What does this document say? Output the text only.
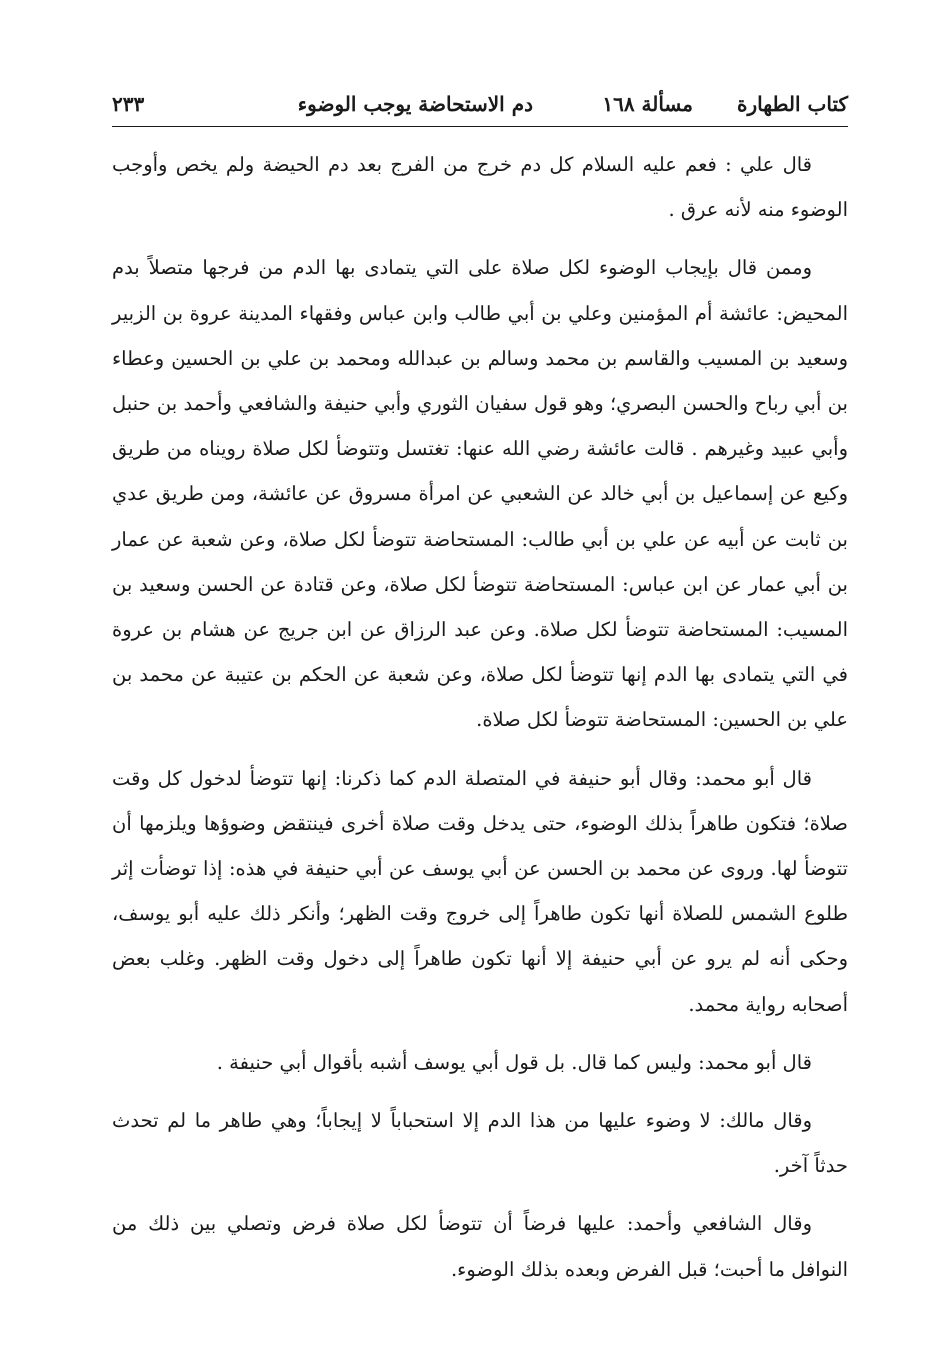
كتاب الطهارة
مسألة ١٦٨
دم الاستحاضة يوجب الوضوء
٢٣٣

قال علي : فعم عليه السلام كل دم خرج من الفرج بعد دم الحيضة ولم يخص وأوجب الوضوء منه لأنه عرق .

وممن قال بإيجاب الوضوء لكل صلاة على التي يتمادى بها الدم من فرجها متصلاً بدم المحيض: عائشة أم المؤمنين وعلي بن أبي طالب وابن عباس وفقهاء المدينة عروة بن الزبير وسعيد بن المسيب والقاسم بن محمد وسالم بن عبدالله ومحمد بن علي بن الحسين وعطاء بن أبي رباح والحسن البصري؛ وهو قول سفيان الثوري وأبي حنيفة والشافعي وأحمد بن حنبل وأبي عبيد وغيرهم . قالت عائشة رضي الله عنها: تغتسل وتتوضأ لكل صلاة رويناه من طريق وكيع عن إسماعيل بن أبي خالد عن الشعبي عن امرأة مسروق عن عائشة، ومن طريق عدي بن ثابت عن أبيه عن علي بن أبي طالب: المستحاضة تتوضأ لكل صلاة، وعن شعبة عن عمار بن أبي عمار عن ابن عباس: المستحاضة تتوضأ لكل صلاة، وعن قتادة عن الحسن وسعيد بن المسيب: المستحاضة تتوضأ لكل صلاة. وعن عبد الرزاق عن ابن جريج عن هشام بن عروة في التي يتمادى بها الدم إنها تتوضأ لكل صلاة، وعن شعبة عن الحكم بن عتيبة عن محمد بن علي بن الحسين: المستحاضة تتوضأ لكل صلاة.

قال أبو محمد: وقال أبو حنيفة في المتصلة الدم كما ذكرنا: إنها تتوضأ لدخول كل وقت صلاة؛ فتكون طاهراً بذلك الوضوء، حتى يدخل وقت صلاة أخرى فينتقض وضوؤها ويلزمها أن تتوضأ لها. وروى عن محمد بن الحسن عن أبي يوسف عن أبي حنيفة في هذه: إذا توضأت إثر طلوع الشمس للصلاة أنها تكون طاهراً إلى خروج وقت الظهر؛ وأنكر ذلك عليه أبو يوسف، وحكى أنه لم يرو عن أبي حنيفة إلا أنها تكون طاهراً إلى دخول وقت الظهر. وغلب بعض أصحابه رواية محمد.

قال أبو محمد: وليس كما قال. بل قول أبي يوسف أشبه بأقوال أبي حنيفة .

وقال مالك: لا وضوء عليها من هذا الدم إلا استحباباً لا إيجاباً؛ وهي طاهر ما لم تحدث حدثاً آخر.

وقال الشافعي وأحمد: عليها فرضاً أن تتوضأ لكل صلاة فرض وتصلي بين ذلك من النوافل ما أحبت؛ قبل الفرض وبعده بذلك الوضوء.
